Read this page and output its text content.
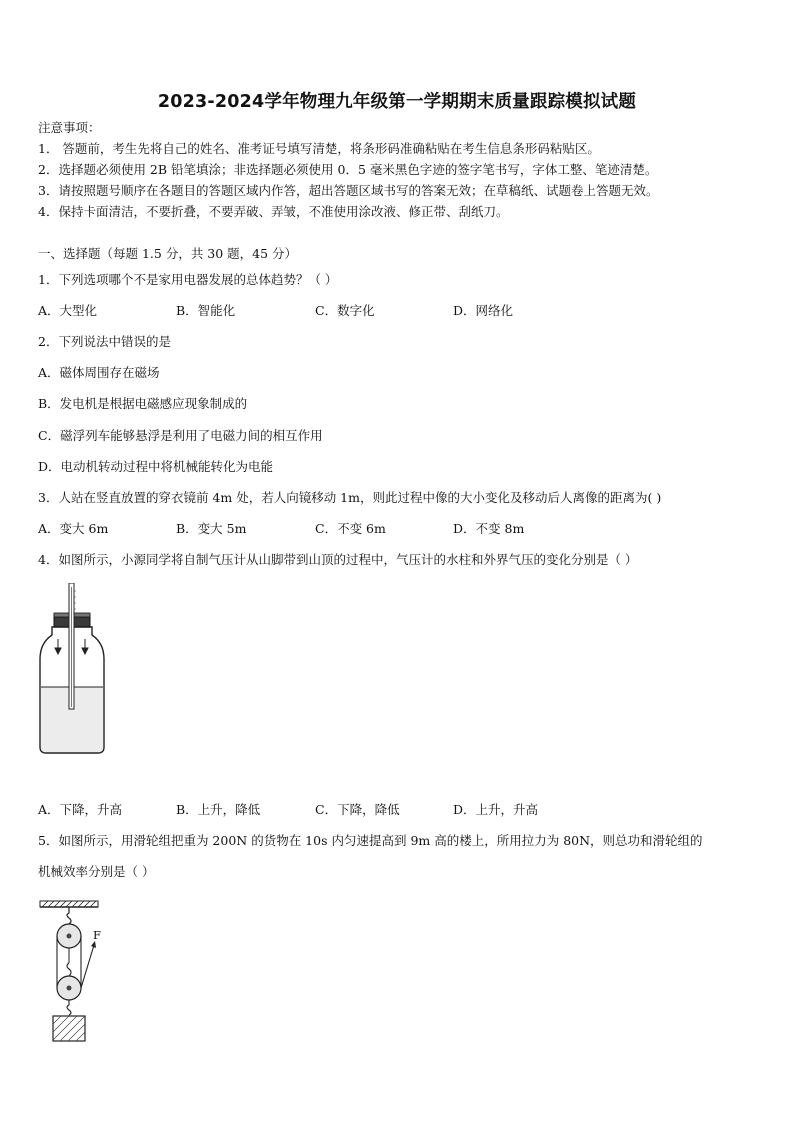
2023-2024学年物理九年级第一学期期末质量跟踪模拟试题
注意事项：
1． 答题前，考生先将自己的姓名、准考证号填写清楚，将条形码准确粘贴在考生信息条形码粘贴区。
2．选择题必须使用 2B 铅笔填涂；非选择题必须使用 0．5 毫米黑色字迹的签字笔书写，字体工整、笔迹清楚。
3．请按照题号顺序在各题目的答题区域内作答，超出答题区域书写的答案无效；在草稿纸、试题卷上答题无效。
4．保持卡面清洁，不要折叠，不要弄破、弄皱，不准使用涂改液、修正带、刮纸刀。
一、选择题（每题 1.5 分，共 30 题，45 分）
1．下列选项哪个不是家用电器发展的总体趋势？（ ）
A．大型化	B．智能化	C．数字化	D．网络化
2．下列说法中错误的是
A．磁体周围存在磁场
B．发电机是根据电磁感应现象制成的
C．磁浮列车能够悬浮是利用了电磁力间的相互作用
D．电动机转动过程中将机械能转化为电能
3．人站在竖直放置的穿衣镜前 4m 处，若人向镜移动 1m，则此过程中像的大小变化及移动后人离像的距离为( )
A．变大 6m	B．变大 5m	C．不变 6m	D．不变 8m
4．如图所示，小源同学将自制气压计从山脚带到山顶的过程中，气压计的水柱和外界气压的变化分别是（ ）
A．下降，升高	B．上升，降低	C．下降，降低	D．上升，升高
5．如图所示，用滑轮组把重为 200N 的货物在 10s 内匀速提高到 9m 高的楼上，所用拉力为 80N，则总功和滑轮组的
机械效率分别是（ ）
F
